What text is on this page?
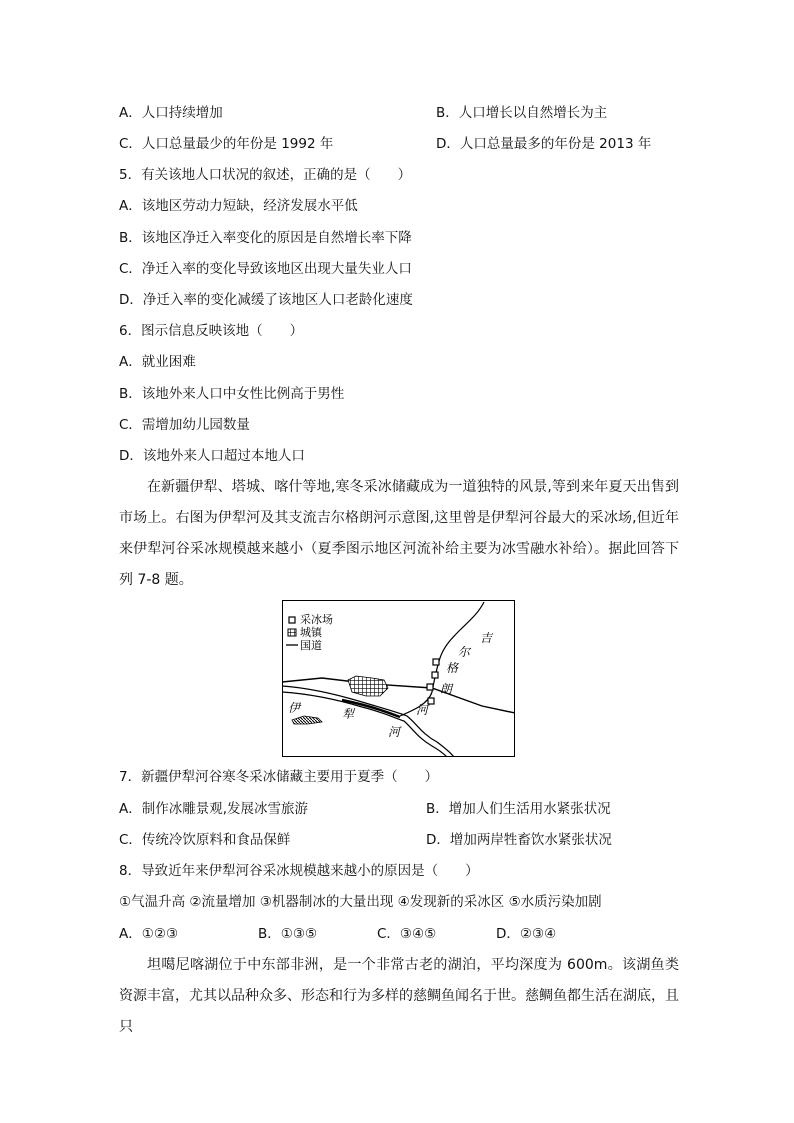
A．人口持续增加	B．人口增长以自然增长为主
C．人口总量最少的年份是 1992 年	D．人口总量最多的年份是 2013 年
5．有关该地人口状况的叙述，正确的是（　　）
A．该地区劳动力短缺，经济发展水平低
B．该地区净迁入率变化的原因是自然增长率下降
C．净迁入率的变化导致该地区出现大量失业人口
D．净迁入率的变化减缓了该地区人口老龄化速度
6．图示信息反映该地（　　）
A．就业困难
B．该地外来人口中女性比例高于男性
C．需增加幼儿园数量
D．该地外来人口超过本地人口
在新疆伊犁、塔城、喀什等地,寒冬采冰储藏成为一道独特的风景,等到来年夏天出售到市场上。右图为伊犁河及其支流吉尔格朗河示意图,这里曾是伊犁河谷最大的采冰场,但近年来伊犁河谷采冰规模越来越小（夏季图示地区河流补给主要为冰雪融水补给）。据此回答下列 7-8 题。
采冰场
城镇
国道
吉
尔
格
朗
河
伊	犁
河
7．新疆伊犁河谷寒冬采冰储藏主要用于夏季（　　）
A．制作冰雕景观,发展冰雪旅游	B．增加人们生活用水紧张状况
C．传统冷饮原料和食品保鲜	D．增加两岸牲畜饮水紧张状况
8．导致近年来伊犁河谷采冰规模越来越小的原因是（　　）
①气温升高 ②流量增加 ③机器制冰的大量出现 ④发现新的采冰区 ⑤水质污染加剧
A．①②③	B．①③⑤	C．③④⑤	D．②③④
坦噶尼喀湖位于中东部非洲，是一个非常古老的湖泊，平均深度为 600m。该湖鱼类资源丰富，尤其以品种众多、形态和行为多样的慈鲷鱼闻名于世。慈鲷鱼都生活在湖底，且只
